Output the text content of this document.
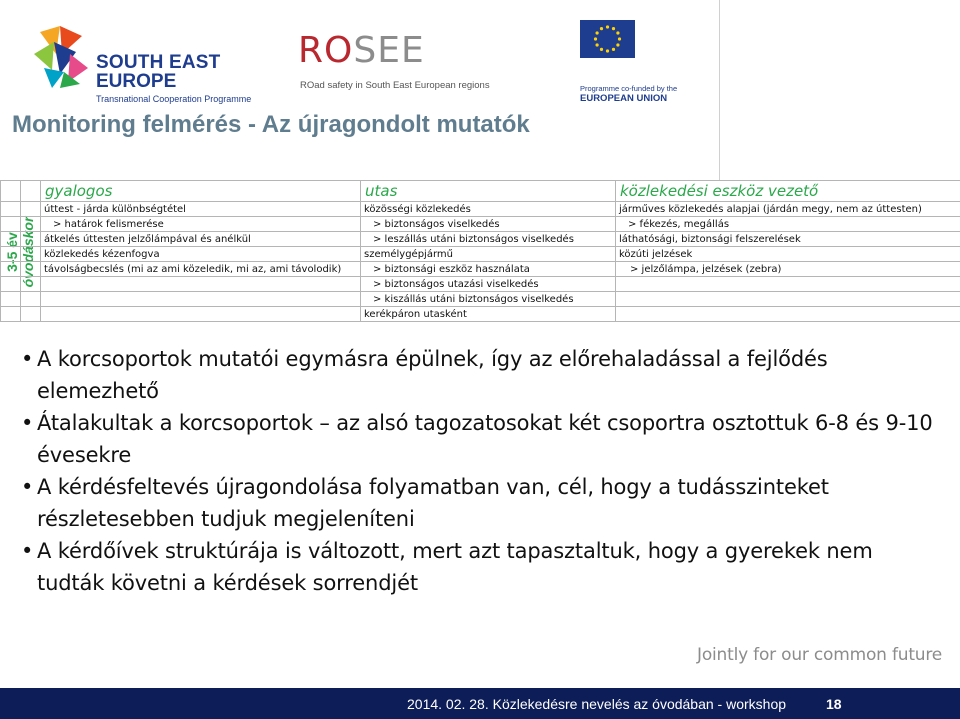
SOUTH EAST
EUROPE
Transnational Cooperation Programme
ROSEE
ROad safety in South East European regions	Programme co-funded by the
EUROPEAN UNION
Monitoring felmérés - Az újragondolt mutatók
3-5 év óvodáskor
		gyalogos	utas	közlekedési eszköz vezető
		úttest - járda különbségtétel	közösségi közlekedés	járműves közlekedés alapjai (járdán megy, nem az úttesten)
		> határok felismerése	> biztonságos viselkedés	> fékezés, megállás
		átkelés úttesten jelzőlámpával és anélkül	> leszállás utáni biztonságos viselkedés	láthatósági, biztonsági felszerelések
		közlekedés kézenfogva	személygépjármű	közúti jelzések
		távolságbecslés (mi az ami közeledik, mi az, ami távolodik)	> biztonsági eszköz használata	> jelzőlámpa, jelzések (zebra)
			> biztonságos utazási viselkedés	
			> kiszállás utáni biztonságos viselkedés	
			kerékpáron utasként	
• A korcsoportok mutatói egymásra épülnek, így az előrehaladással a fejlődés elemezhető
• Átalakultak a korcsoportok – az alsó tagozatosokat két csoportra osztottuk 6-8 és 9-10 évesekre
• A kérdésfeltevés újragondolása folyamatban van, cél, hogy a tudásszinteket részletesebben tudjuk megjeleníteni
• A kérdőívek struktúrája is változott, mert azt tapasztaltuk, hogy a gyerekek nem tudták követni a kérdések sorrendjét
Jointly for our common future
2014. 02. 28. Közlekedésre nevelés az óvodában - workshop	18
